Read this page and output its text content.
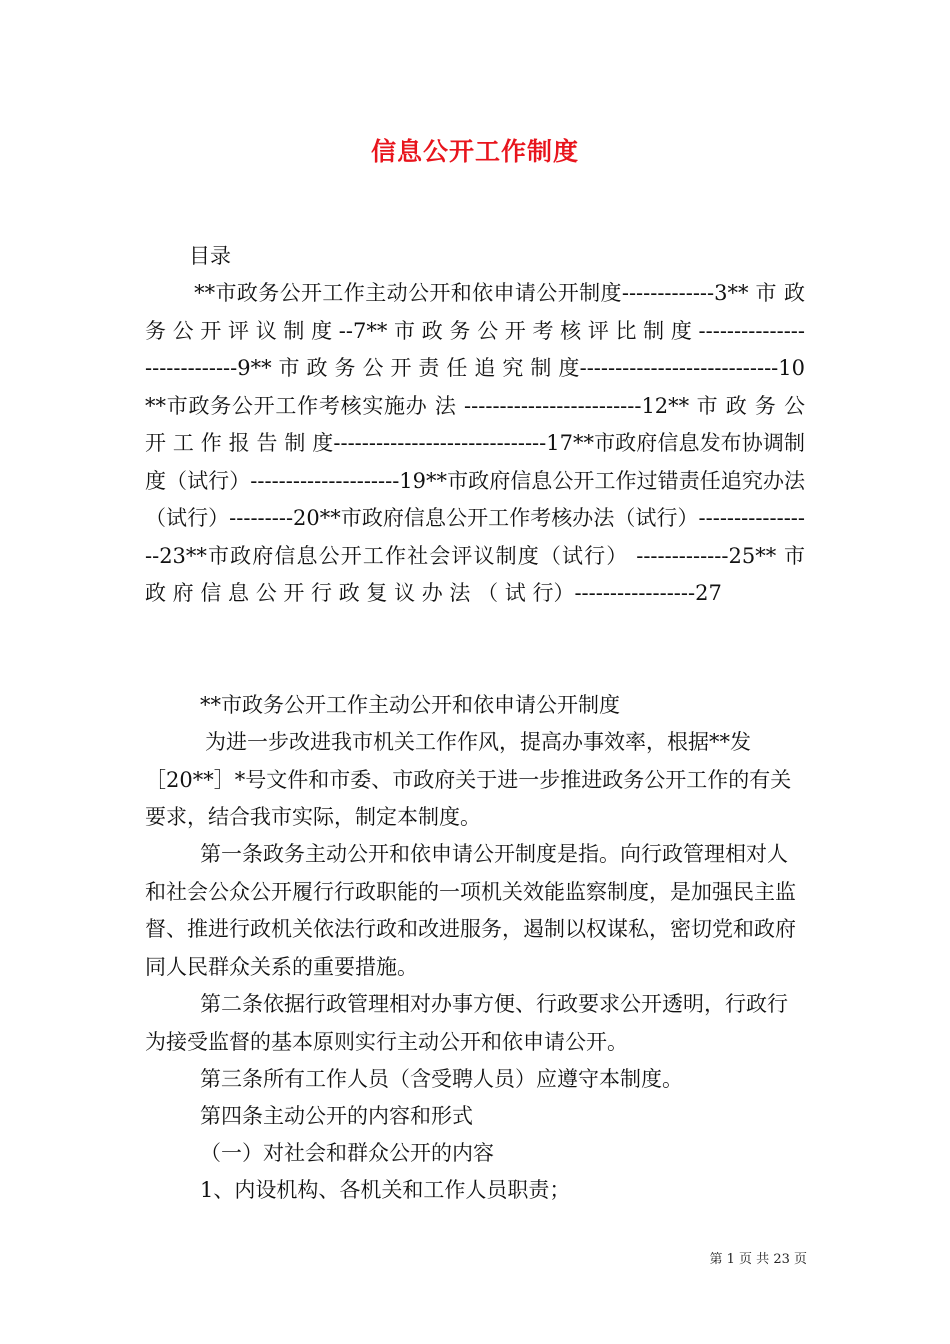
信息公开工作制度
目录
**市政务公开工作主动公开和依申请公开制度-------------3** 市 政 务 公 开 评 议 制 度 --7** 市 政 务 公 开 考 核 评 比 制 度 ----------------------------9** 市 政 务 公 开 责 任 追 究 制 度----------------------------10**市政务公开工作考核实施办 法 -------------------------12** 市 政 务 公 开 工 作 报 告 制 度------------------------------17**市政府信息发布协调制度（试行）---------------------19**市政府信息公开工作过错责任追究办法（试行）---------20**市政府信息公开工作考核办法（试行）-----------------23**市政府信息公开工作社会评议制度（试行） -------------25** 市 政 府 信 息 公 开 行 政 复 议 办 法 （ 试 行）-----------------27
**市政务公开工作主动公开和依申请公开制度
为进一步改进我市机关工作作风，提高办事效率，根据**发［20**］*号文件和市委、市政府关于进一步推进政务公开工作的有关要求，结合我市实际，制定本制度。
第一条政务主动公开和依申请公开制度是指。向行政管理相对人和社会公众公开履行行政职能的一项机关效能监察制度，是加强民主监督、推进行政机关依法行政和改进服务，遏制以权谋私，密切党和政府同人民群众关系的重要措施。
第二条依据行政管理相对办事方便、行政要求公开透明，行政行为接受监督的基本原则实行主动公开和依申请公开。
第三条所有工作人员（含受聘人员）应遵守本制度。
第四条主动公开的内容和形式
（一）对社会和群众公开的内容
1、内设机构、各机关和工作人员职责；
第 1 页 共 23 页
